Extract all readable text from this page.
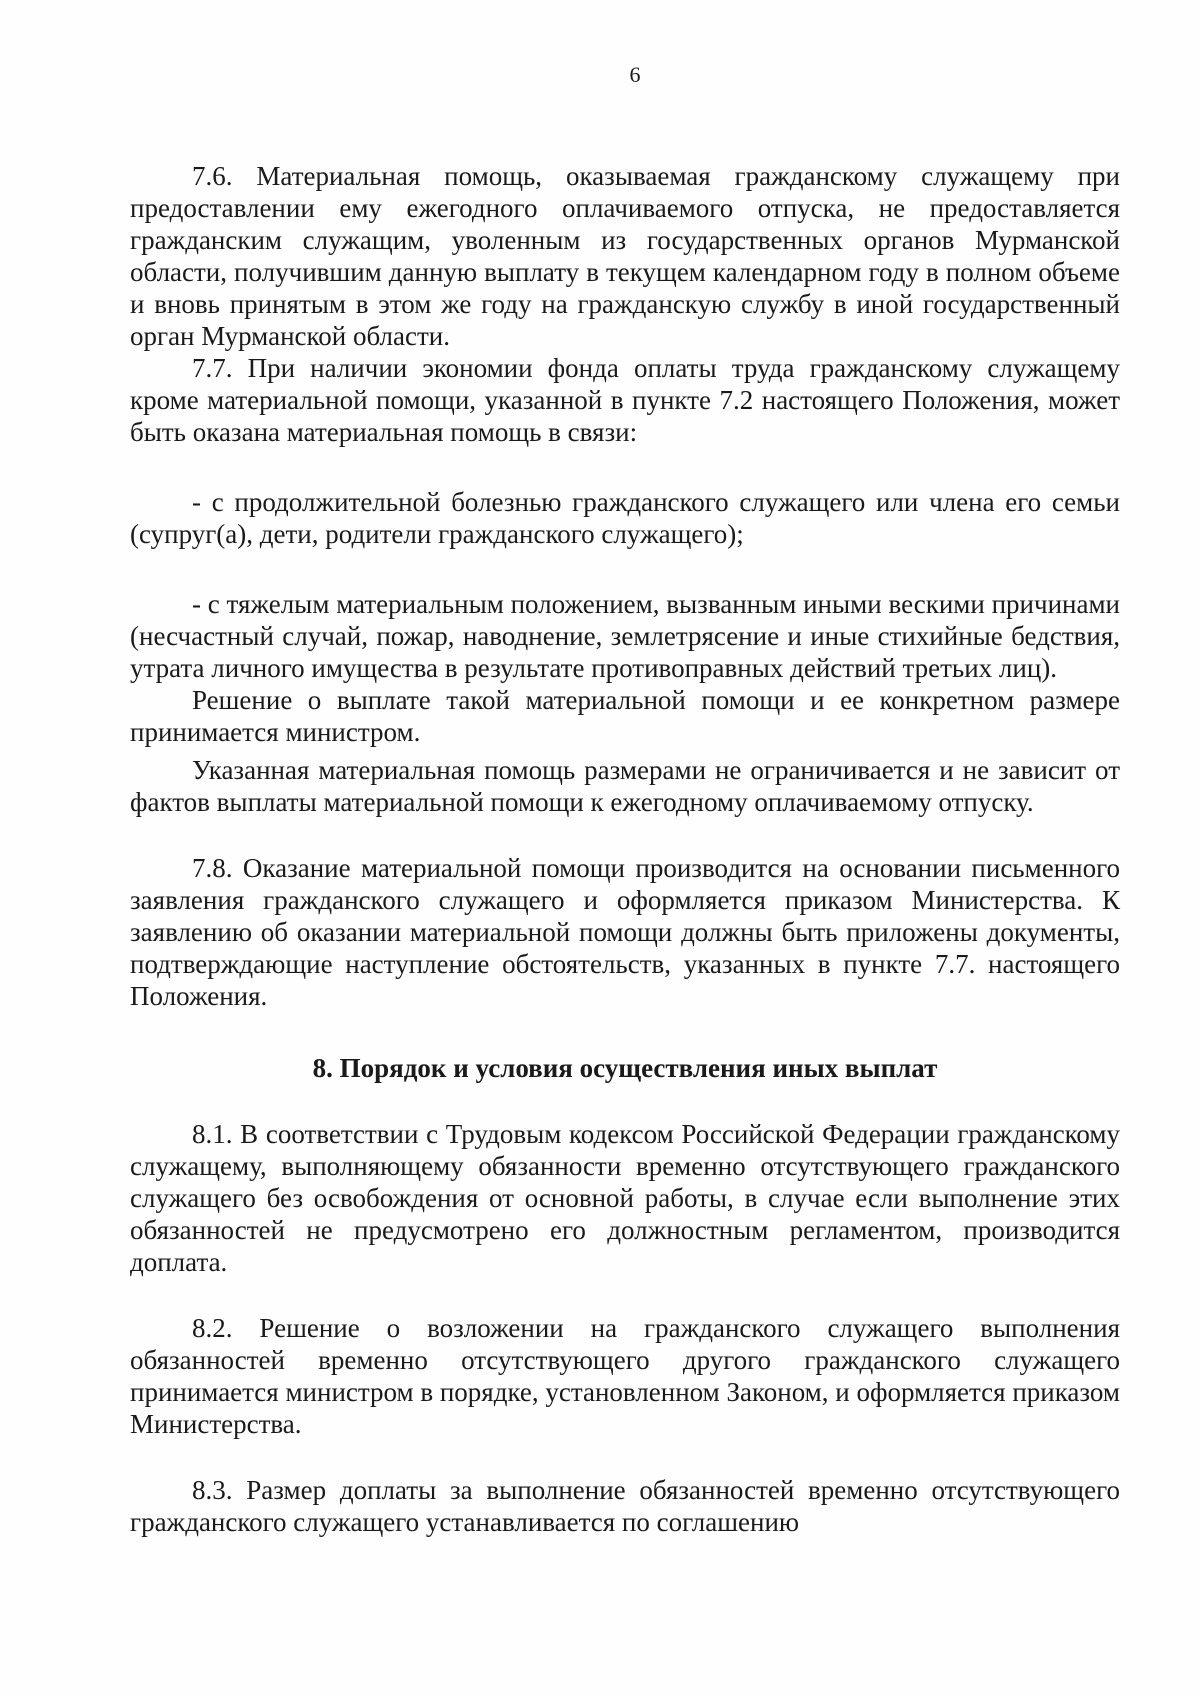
6

7.6. Материальная помощь, оказываемая гражданскому служащему при предоставлении ему ежегодного оплачиваемого отпуска, не предоставляется гражданским служащим, уволенным из государственных органов Мурманской области, получившим данную выплату в текущем календарном году в полном объеме и вновь принятым в этом же году на гражданскую службу в иной государственный орган Мурманской области.

7.7. При наличии экономии фонда оплаты труда гражданскому служащему кроме материальной помощи, указанной в пункте 7.2 настоящего Положения, может быть оказана материальная помощь в связи:

- с продолжительной болезнью гражданского служащего или члена его семьи (супруг(а), дети, родители гражданского служащего);

- с тяжелым материальным положением, вызванным иными вескими причинами (несчастный случай, пожар, наводнение, землетрясение и иные стихийные бедствия, утрата личного имущества в результате противоправных действий третьих лиц).

Решение о выплате такой материальной помощи и ее конкретном размере принимается министром.

Указанная материальная помощь размерами не ограничивается и не зависит от фактов выплаты материальной помощи к ежегодному оплачиваемому отпуску.

7.8. Оказание материальной помощи производится на основании письменного заявления гражданского служащего и оформляется приказом Министерства. К заявлению об оказании материальной помощи должны быть приложены документы, подтверждающие наступление обстоятельств, указанных в пункте 7.7. настоящего Положения.

8. Порядок и условия осуществления иных выплат

8.1. В соответствии с Трудовым кодексом Российской Федерации гражданскому служащему, выполняющему обязанности временно отсутствующего гражданского служащего без освобождения от основной работы, в случае если выполнение этих обязанностей не предусмотрено его должностным регламентом, производится доплата.

8.2. Решение о возложении на гражданского служащего выполнения обязанностей временно отсутствующего другого гражданского служащего принимается министром в порядке, установленном Законом, и оформляется приказом Министерства.

8.3. Размер доплаты за выполнение обязанностей временно отсутствующего гражданского служащего устанавливается по соглашению
